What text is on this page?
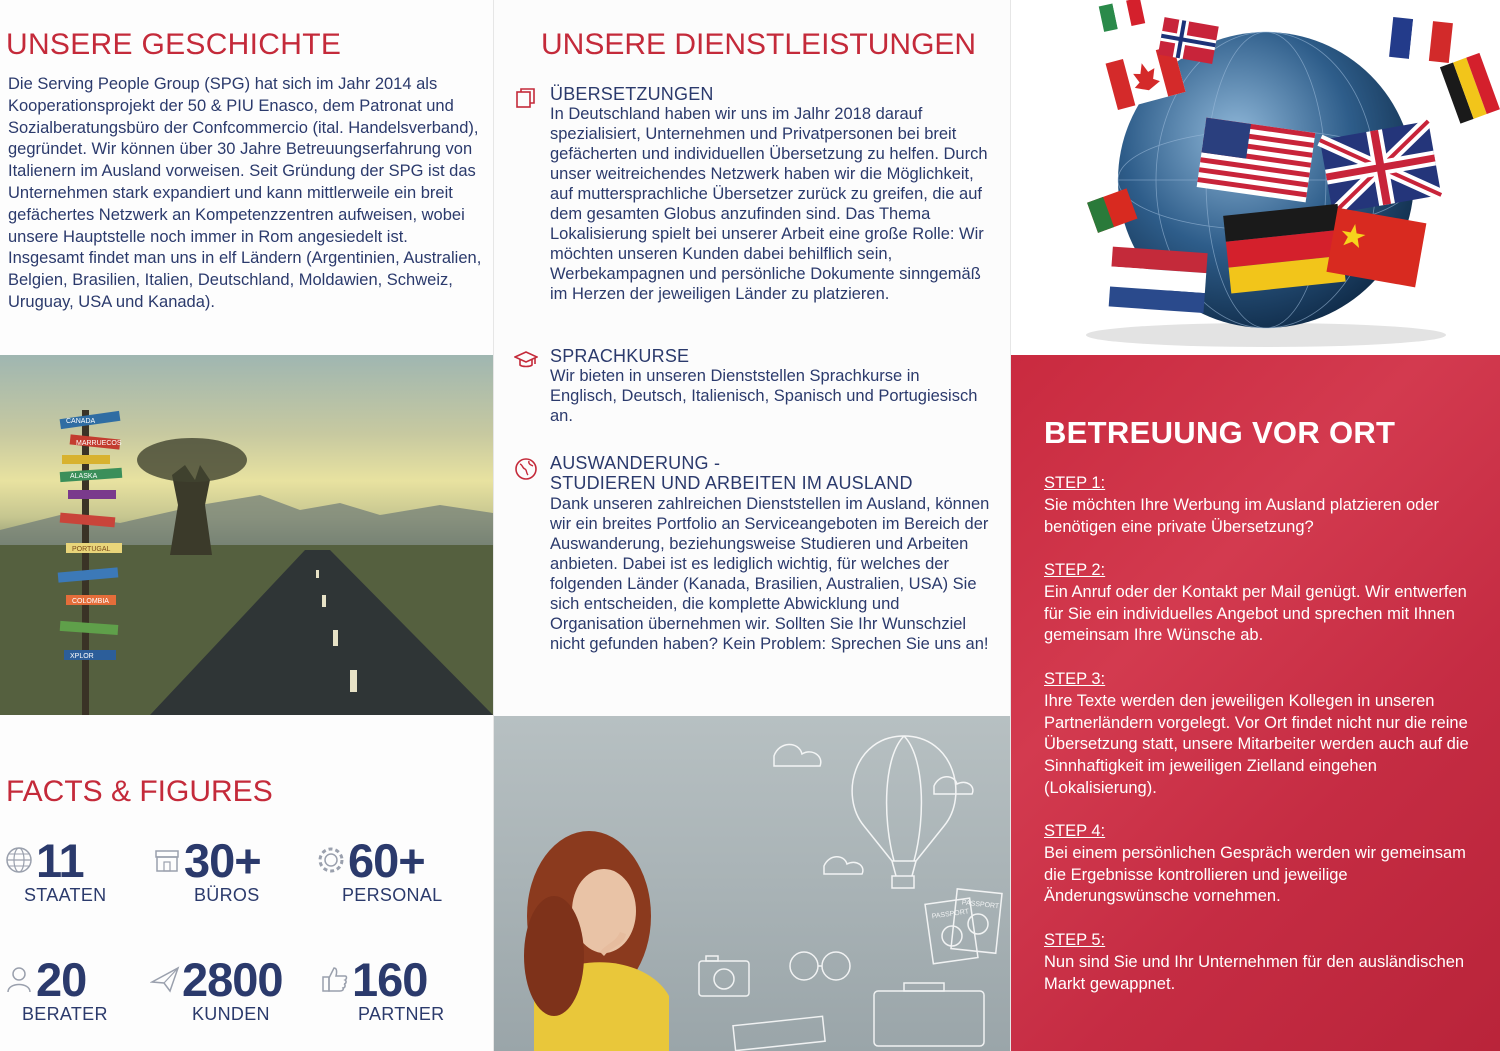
UNSERE GESCHICHTE

Die Serving People Group (SPG) hat sich im Jahr 2014 als Kooperationsprojekt der 50 & PIU Enasco, dem Patronat und Sozialberatungsbüro der Confcommercio (ital. Handelsverband), gegründet. Wir können über 30 Jahre Betreuungserfahrung von Italienern im Ausland vorweisen. Seit Gründung der SPG ist das Unternehmen stark expandiert und kann mittlerweile ein breit gefächertes Netzwerk an Kompetenzzentren aufweisen, wobei unsere Hauptstelle noch immer in Rom angesiedelt ist. Insgesamt findet man uns in elf Ländern (Argentinien, Australien, Belgien, Brasilien, Italien, Deutschland, Moldawien, Schweiz, Uruguay, USA und Kanada).

CANADA
MARRUECOS
ALASKA
PORTUGAL
COLOMBIA
XPLOR
FACTS & FIGURES
11
STAATEN
30+
BÜROS
60+
PERSONAL
20
BERATER
2800
KUNDEN
160
PARTNER
UNSERE DIENSTLEISTUNGEN
ÜBERSETZUNGEN

In Deutschland haben wir uns im Jalhr 2018 darauf spezialisiert, Unternehmen und Privatpersonen bei breit gefächerten und individuellen Übersetzung zu helfen. Durch unser weitreichendes Netzwerk haben wir die Möglichkeit, auf muttersprachliche Übersetzer zurück zu greifen, die auf dem gesamten Globus anzufinden sind. Das Thema Lokalisierung spielt bei unserer Arbeit eine große Rolle: Wir möchten unseren Kunden dabei behilflich sein, Werbekampagnen und persönliche Dokumente sinngemäß im Herzen der jeweiligen Länder zu platzieren.

SPRACHKURSE

Wir bieten in unseren Dienststellen Sprachkurse in Englisch, Deutsch, Italienisch, Spanisch und Portugiesisch an.

AUSWANDERUNG -
STUDIEREN UND ARBEITEN IM AUSLAND

Dank unseren zahlreichen Dienststellen im Ausland, können wir ein breites Portfolio an Serviceangeboten im Bereich der Auswanderung, beziehungsweise Studieren und Arbeiten anbieten. Dabei ist es lediglich wichtig, für welches der folgenden Länder (Kanada, Brasilien, Australien, USA) Sie sich entscheiden, die komplette Abwicklung und Organisation übernehmen wir. Sollten Sie Ihr Wunschziel nicht gefunden haben? Kein Problem: Sprechen Sie uns an!

PASSPORT
PASSPORT
BETREUUNG VOR ORT
STEP 1:
Sie möchten Ihre Werbung im Ausland platzieren oder benötigen eine private Übersetzung?
STEP 2:
Ein Anruf oder der Kontakt per Mail genügt. Wir entwerfen für Sie ein individuelles Angebot und sprechen mit Ihnen gemeinsam Ihre Wünsche ab.
STEP 3:
Ihre Texte werden den jeweiligen Kollegen in unseren Partnerländern vorgelegt. Vor Ort findet nicht nur die reine Übersetzung statt, unsere Mitarbeiter werden auch auf die Sinnhaftigkeit im jeweiligen Zielland eingehen (Lokalisierung).
STEP 4:
Bei einem persönlichen Gespräch werden wir gemeinsam die Ergebnisse kontrollieren und jeweilige Änderungswünsche vornehmen.
STEP 5:
Nun sind Sie und Ihr Unternehmen für den ausländischen Markt gewappnet.
